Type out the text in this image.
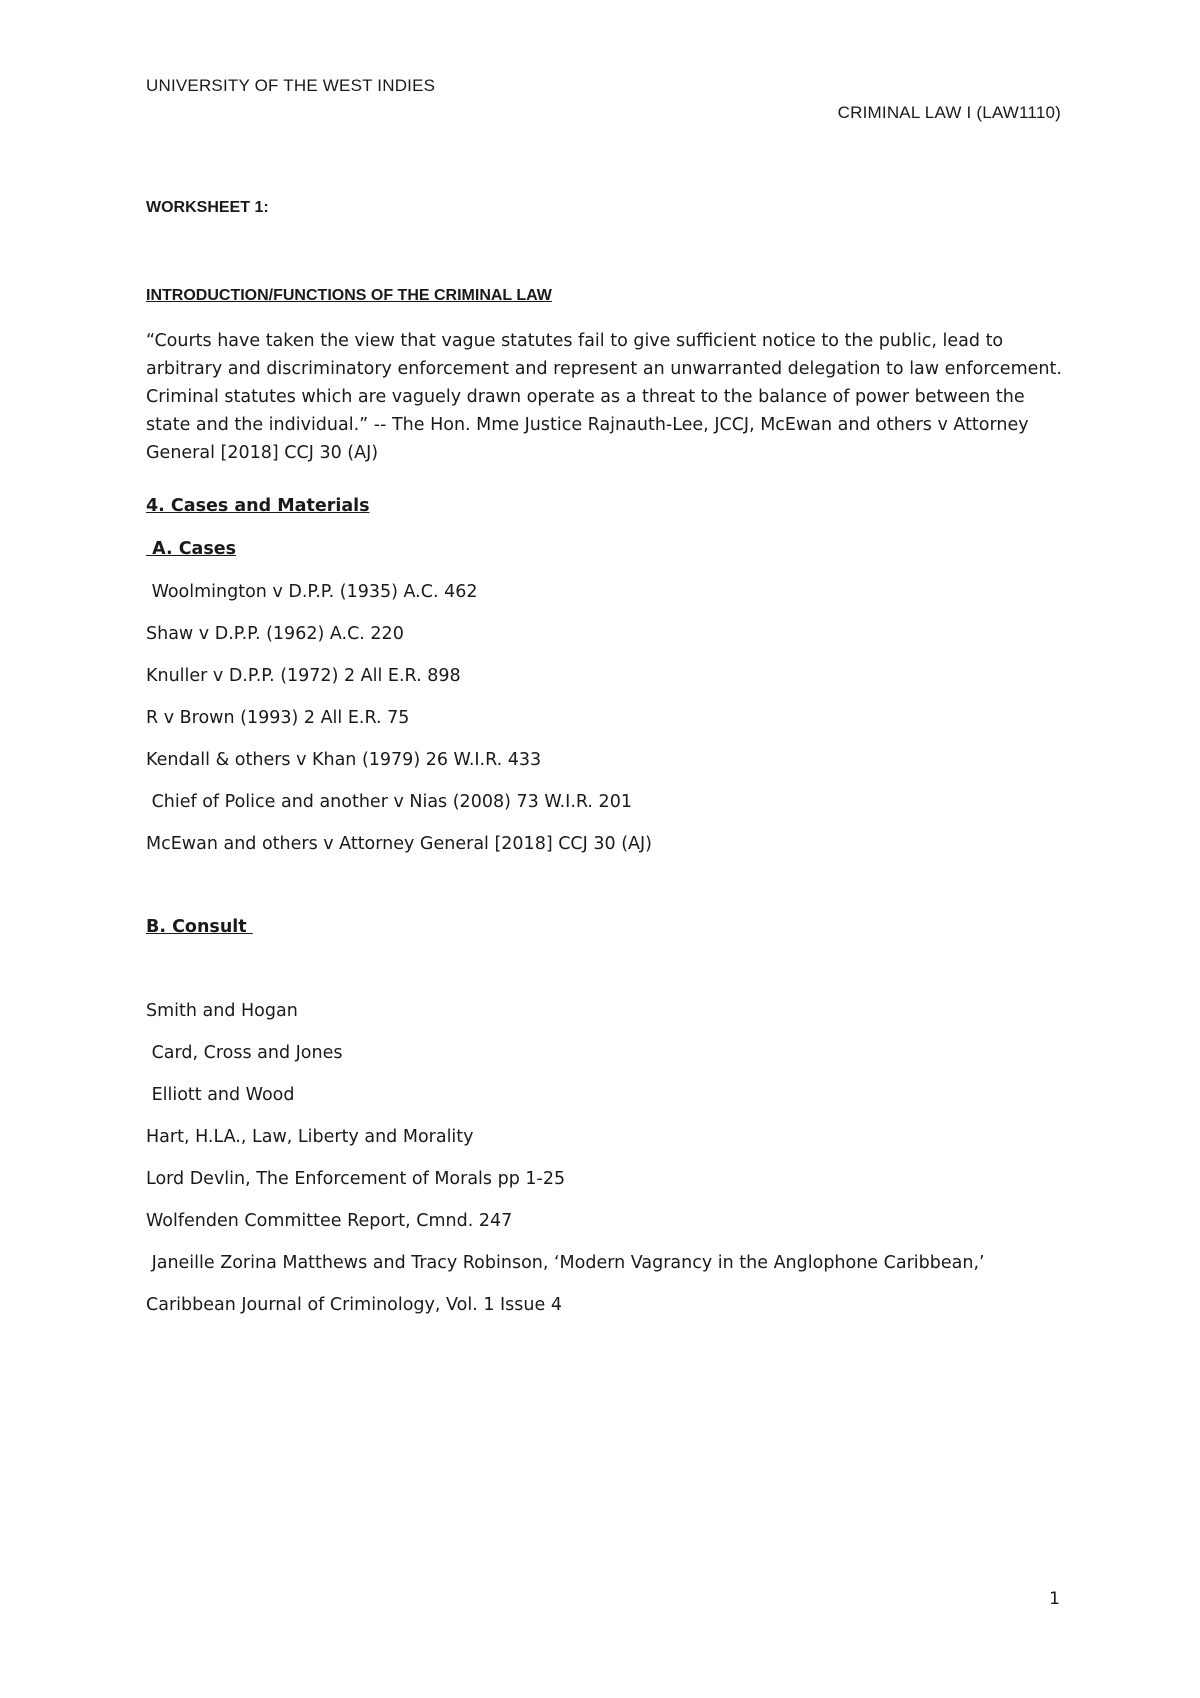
UNIVERSITY OF THE WEST INDIES
CRIMINAL LAW I (LAW1110)
WORKSHEET 1:
INTRODUCTION/FUNCTIONS OF THE CRIMINAL LAW
“Courts have taken the view that vague statutes fail to give sufficient notice to the public, lead to arbitrary and discriminatory enforcement and represent an unwarranted delegation to law enforcement. Criminal statutes which are vaguely drawn operate as a threat to the balance of power between the state and the individual.” -- The Hon. Mme Justice Rajnauth-Lee, JCCJ, McEwan and others v Attorney General [2018] CCJ 30 (AJ)
4. Cases and Materials
A. Cases
Woolmington v D.P.P. (1935) A.C. 462
Shaw v D.P.P. (1962) A.C. 220
Knuller v D.P.P. (1972) 2 All E.R. 898
R v Brown (1993) 2 All E.R. 75
Kendall & others v Khan (1979) 26 W.I.R. 433
Chief of Police and another v Nias (2008) 73 W.I.R. 201
McEwan and others v Attorney General [2018] CCJ 30 (AJ)
B. Consult
Smith and Hogan
Card, Cross and Jones
Elliott and Wood
Hart, H.LA., Law, Liberty and Morality
Lord Devlin, The Enforcement of Morals pp 1-25
Wolfenden Committee Report, Cmnd. 247
Janeille Zorina Matthews and Tracy Robinson, ‘Modern Vagrancy in the Anglophone Caribbean,’
Caribbean Journal of Criminology, Vol. 1 Issue 4
1
